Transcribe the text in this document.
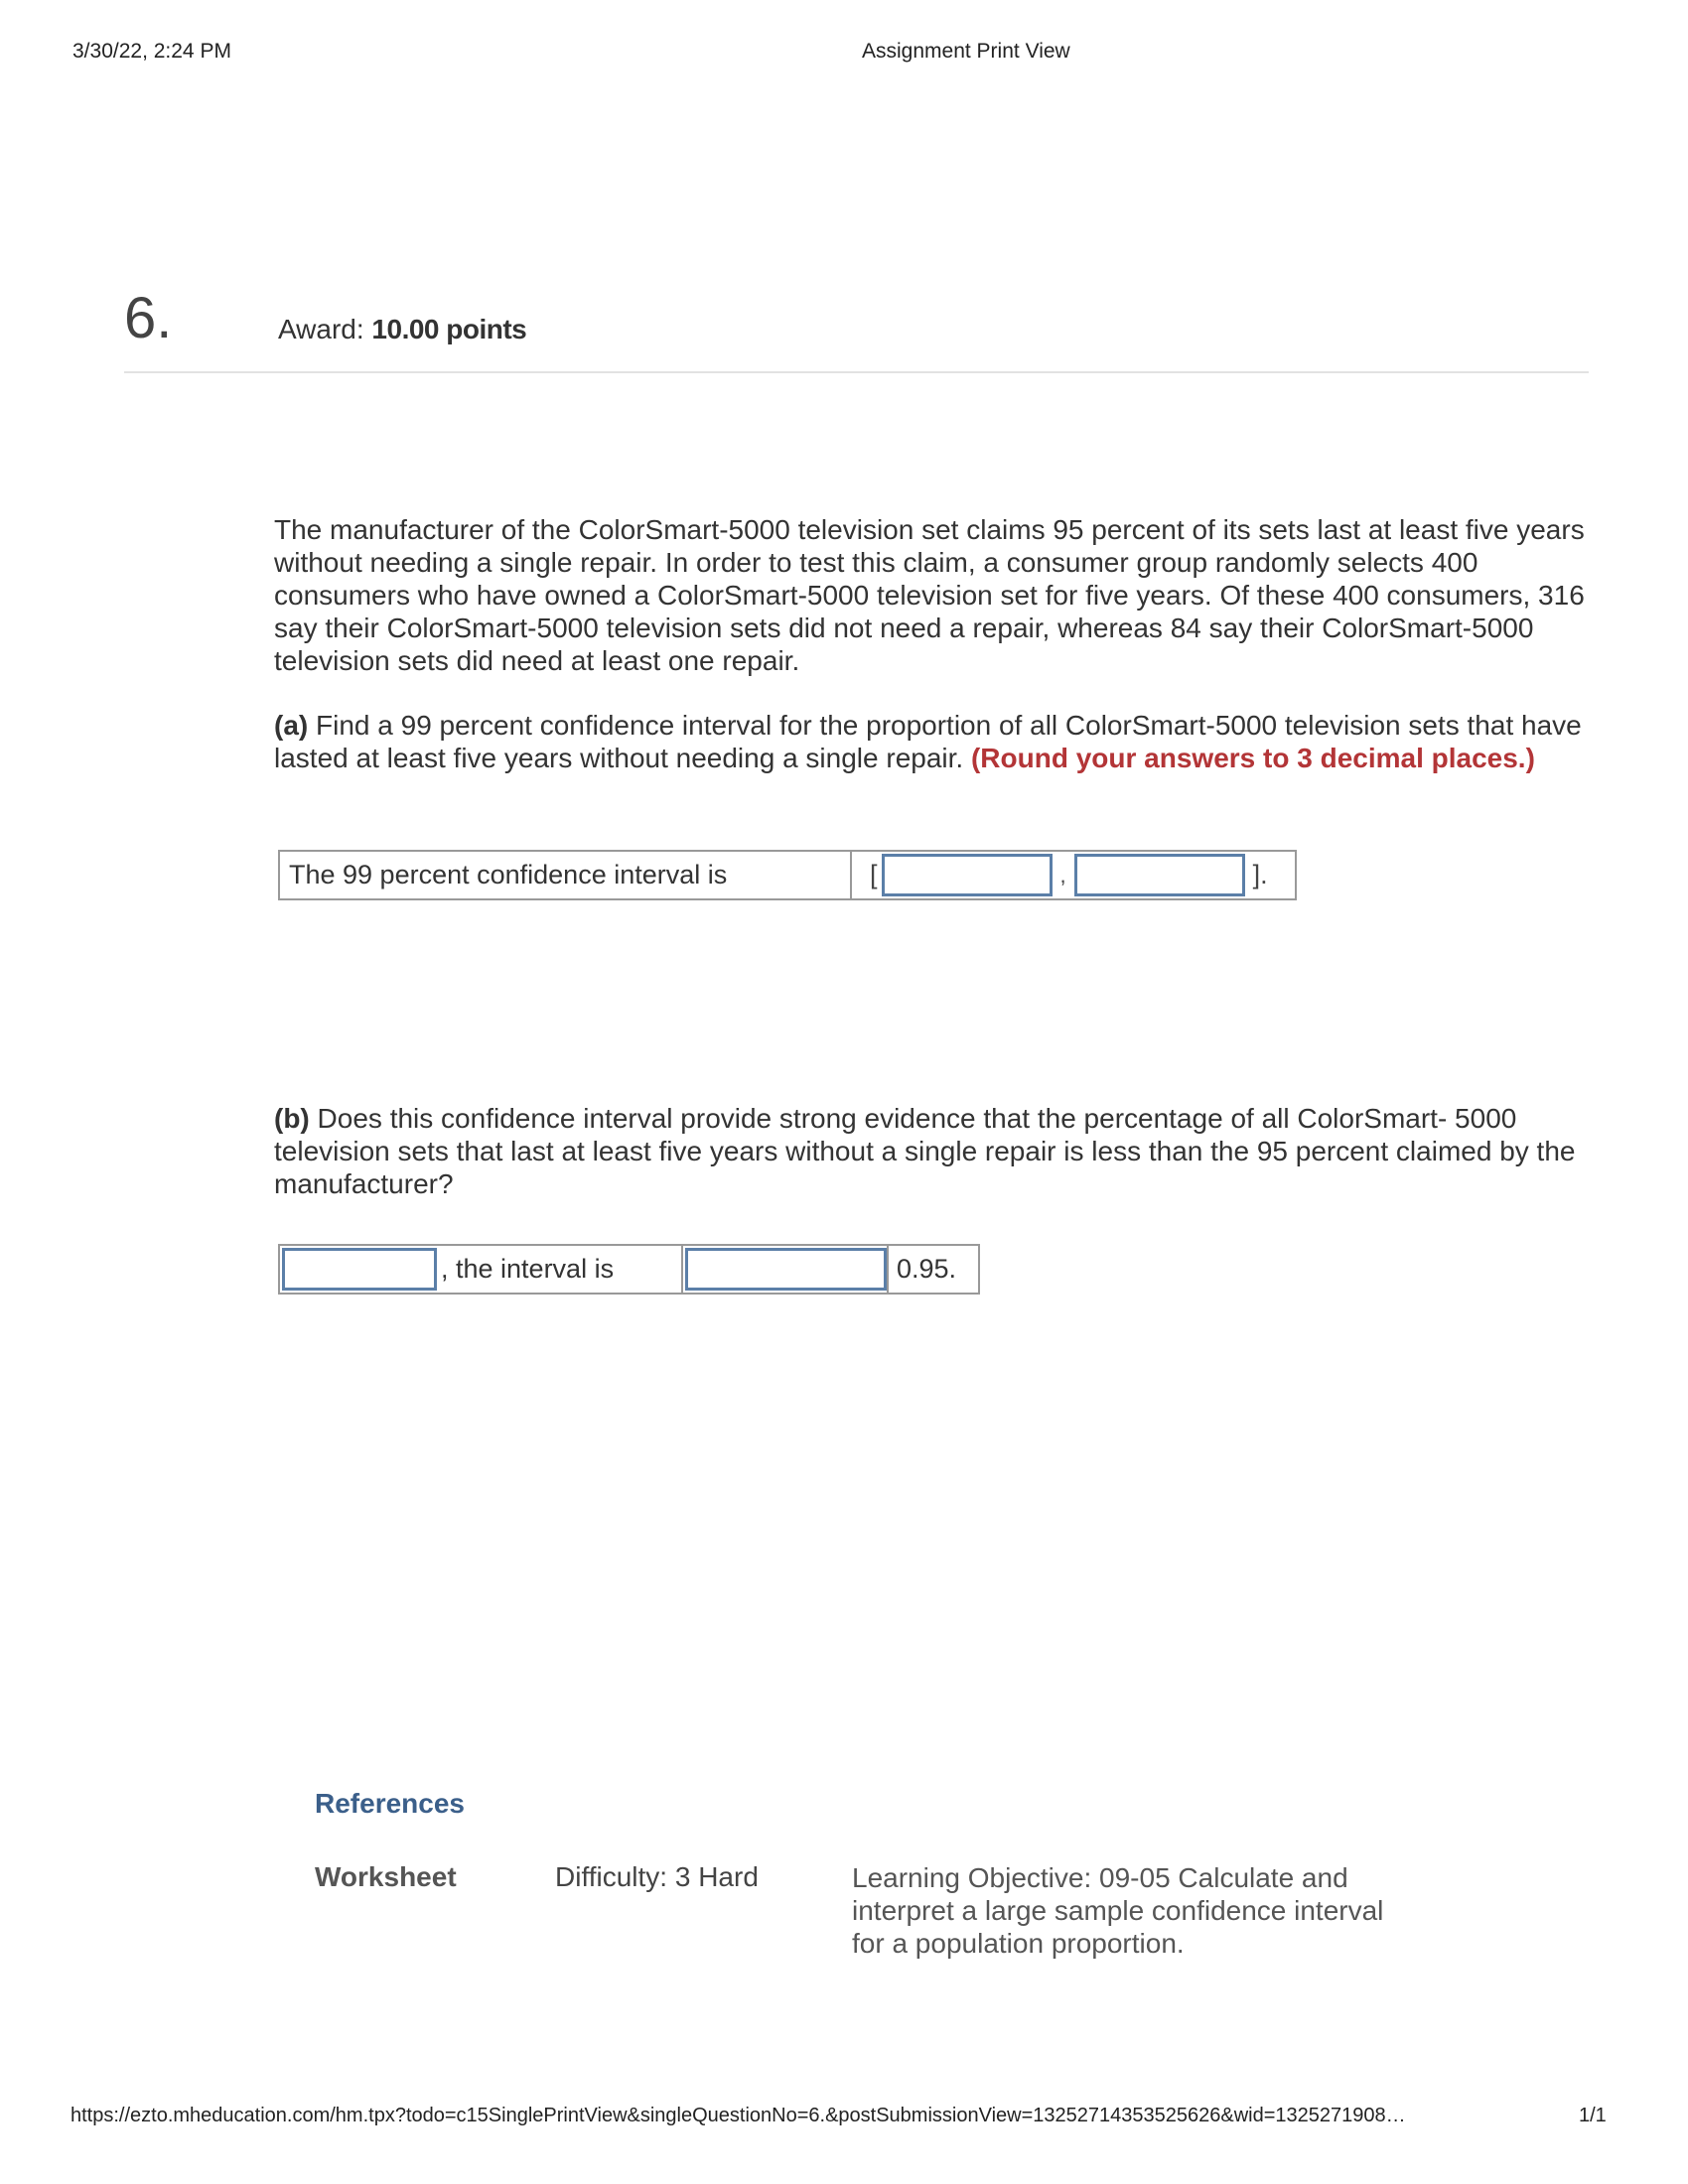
3/30/22, 2:24 PM	Assignment Print View
6.	Award: 10.00 points
The manufacturer of the ColorSmart-5000 television set claims 95 percent of its sets last at least five years without needing a single repair. In order to test this claim, a consumer group randomly selects 400 consumers who have owned a ColorSmart-5000 television set for five years. Of these 400 consumers, 316 say their ColorSmart-5000 television sets did not need a repair, whereas 84 say their ColorSmart-5000 television sets did need at least one repair.
(a) Find a 99 percent confidence interval for the proportion of all ColorSmart-5000 television sets that have lasted at least five years without needing a single repair. (Round your answers to 3 decimal places.)
The 99 percent confidence interval is	[	,	].
(b) Does this confidence interval provide strong evidence that the percentage of all ColorSmart- 5000 television sets that last at least five years without a single repair is less than the 95 percent claimed by the manufacturer?
, the interval is	0.95.
References
Worksheet	Difficulty: 3 Hard	Learning Objective: 09-05 Calculate and interpret a large sample confidence interval for a population proportion.
https://ezto.mheducation.com/hm.tpx?todo=c15SinglePrintView&singleQuestionNo=6.&postSubmissionView=13252714353525626&wid=1325271908…	1/1
